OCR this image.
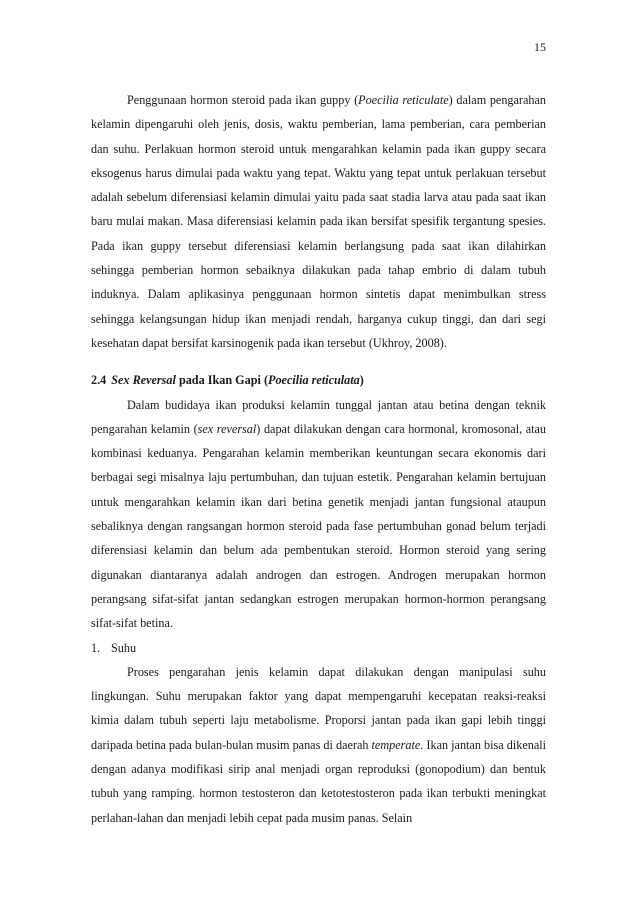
15

Penggunaan hormon steroid pada ikan guppy (Poecilia reticulate) dalam pengarahan kelamin dipengaruhi oleh jenis, dosis, waktu pemberian, lama pemberian, cara pemberian dan suhu. Perlakuan hormon steroid untuk mengarahkan kelamin pada ikan guppy secara eksogenus harus dimulai pada waktu yang tepat. Waktu yang tepat untuk perlakuan tersebut adalah sebelum diferensiasi kelamin dimulai yaitu pada saat stadia larva atau pada saat ikan baru mulai makan. Masa diferensiasi kelamin pada ikan bersifat spesifik tergantung spesies. Pada ikan guppy tersebut diferensiasi kelamin berlangsung pada saat ikan dilahirkan sehingga pemberian hormon sebaiknya dilakukan pada tahap embrio di dalam tubuh induknya. Dalam aplikasinya penggunaan hormon sintetis dapat menimbulkan stress sehingga kelangsungan hidup ikan menjadi rendah, harganya cukup tinggi, dan dari segi kesehatan dapat bersifat karsinogenik pada ikan tersebut (Ukhroy, 2008).

2.4 Sex Reversal pada Ikan Gapi (Poecilia reticulata)

Dalam budidaya ikan produksi kelamin tunggal jantan atau betina dengan teknik pengarahan kelamin (sex reversal) dapat dilakukan dengan cara hormonal, kromosonal, atau kombinasi keduanya. Pengarahan kelamin memberikan keuntungan secara ekonomis dari berbagai segi misalnya laju pertumbuhan, dan tujuan estetik. Pengarahan kelamin bertujuan untuk mengarahkan kelamin ikan dari betina genetik menjadi jantan fungsional ataupun sebaliknya dengan rangsangan hormon steroid pada fase pertumbuhan gonad belum terjadi diferensiasi kelamin dan belum ada pembentukan steroid. Hormon steroid yang sering digunakan diantaranya adalah androgen dan estrogen. Androgen merupakan hormon perangsang sifat-sifat jantan sedangkan estrogen merupakan hormon-hormon perangsang sifat-sifat betina.

1. Suhu

Proses pengarahan jenis kelamin dapat dilakukan dengan manipulasi suhu lingkungan. Suhu merupakan faktor yang dapat mempengaruhi kecepatan reaksi-reaksi kimia dalam tubuh seperti laju metabolisme. Proporsi jantan pada ikan gapi lebih tinggi daripada betina pada bulan-bulan musim panas di daerah temperate. Ikan jantan bisa dikenali dengan adanya modifikasi sirip anal menjadi organ reproduksi (gonopodium) dan bentuk tubuh yang ramping. hormon testosteron dan ketotestosteron pada ikan terbukti meningkat perlahan-lahan dan menjadi lebih cepat pada musim panas. Selain
